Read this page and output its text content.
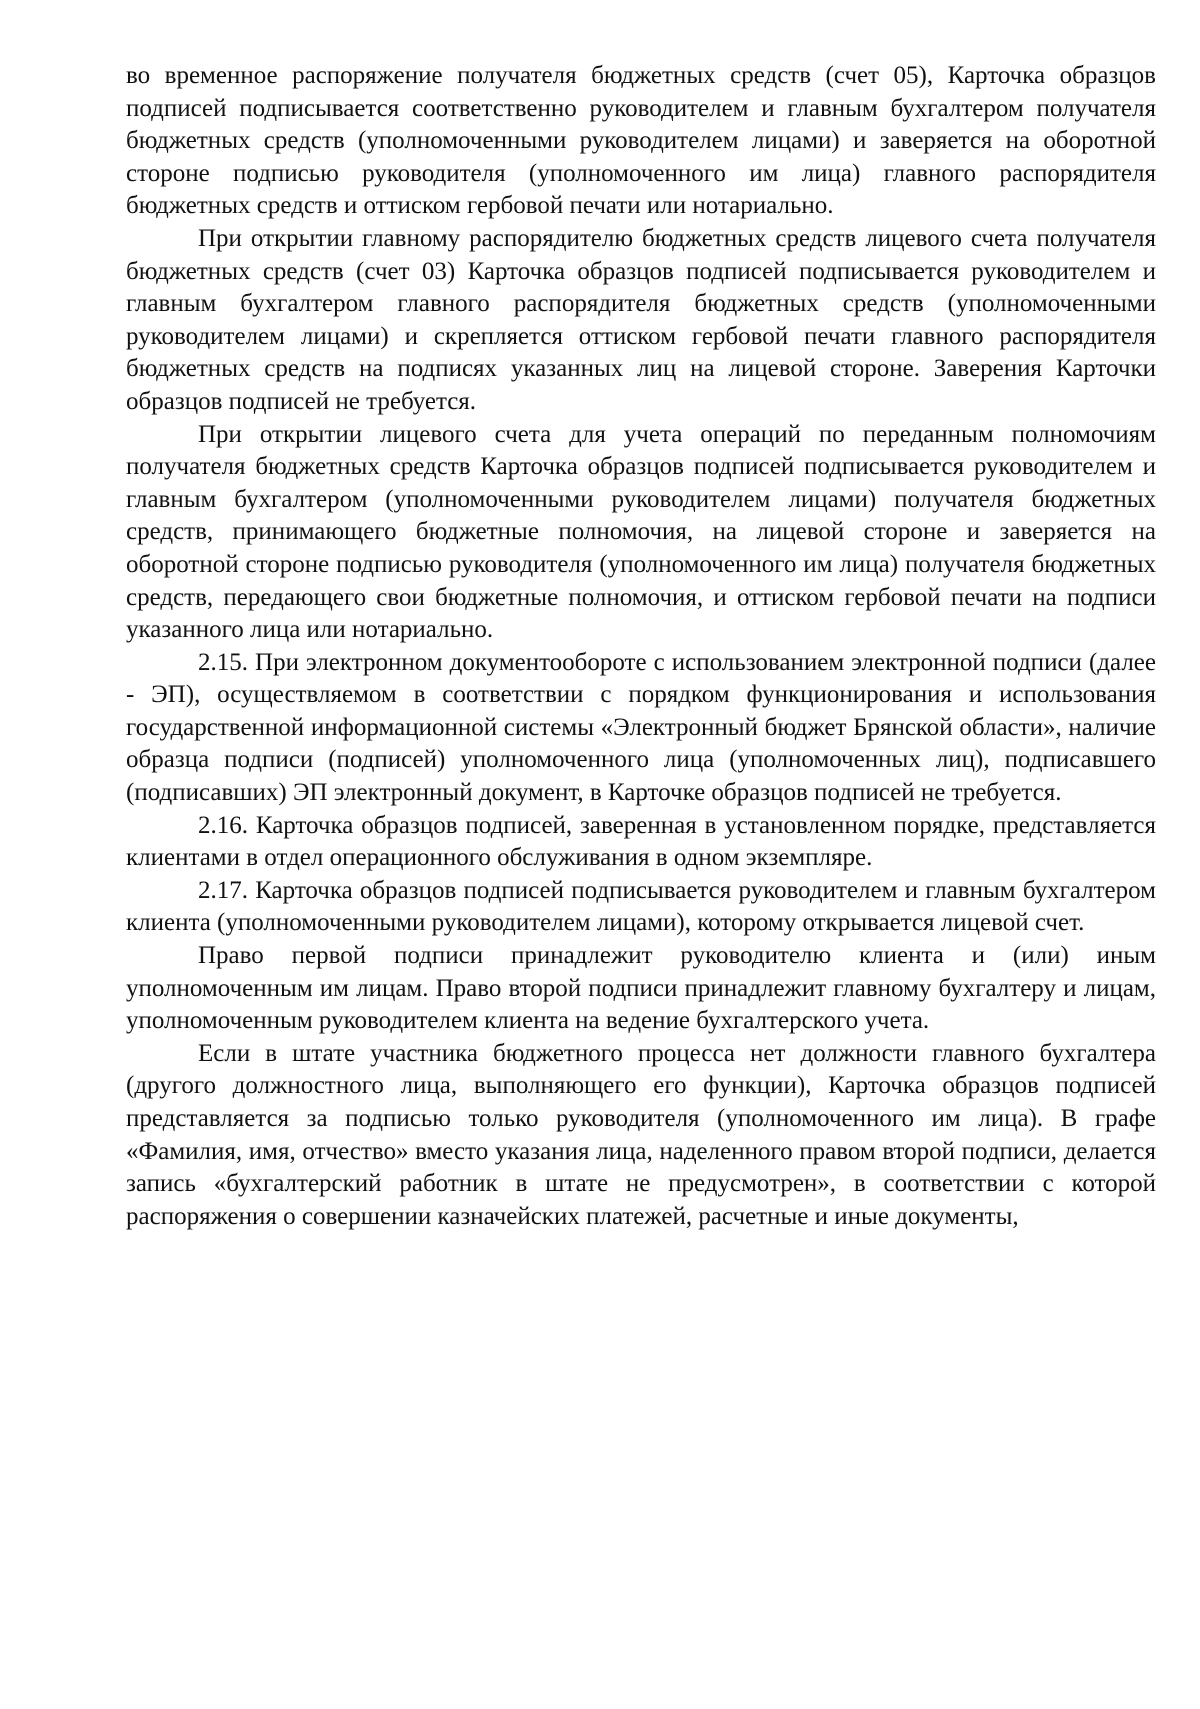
во временное распоряжение получателя бюджетных средств (счет 05), Карточка образцов подписей подписывается соответственно руководителем и главным бухгалтером получателя бюджетных средств (уполномоченными руководителем лицами) и заверяется на оборотной стороне подписью руководителя (уполномоченного им лица) главного распорядителя бюджетных средств и оттиском гербовой печати или нотариально.

При открытии главному распорядителю бюджетных средств лицевого счета получателя бюджетных средств (счет 03) Карточка образцов подписей подписывается руководителем и главным бухгалтером главного распорядителя бюджетных средств (уполномоченными руководителем лицами) и скрепляется оттиском гербовой печати главного распорядителя бюджетных средств на подписях указанных лиц на лицевой стороне. Заверения Карточки образцов подписей не требуется.

При открытии лицевого счета для учета операций по переданным полномочиям получателя бюджетных средств Карточка образцов подписей подписывается руководителем и главным бухгалтером (уполномоченными руководителем лицами) получателя бюджетных средств, принимающего бюджетные полномочия, на лицевой стороне и заверяется на оборотной стороне подписью руководителя (уполномоченного им лица) получателя бюджетных средств, передающего свои бюджетные полномочия, и оттиском гербовой печати на подписи указанного лица или нотариально.

2.15. При электронном документообороте с использованием электронной подписи (далее - ЭП), осуществляемом в соответствии с порядком функционирования и использования государственной информационной системы «Электронный бюджет Брянской области», наличие образца подписи (подписей) уполномоченного лица (уполномоченных лиц), подписавшего (подписавших) ЭП электронный документ, в Карточке образцов подписей не требуется.

2.16. Карточка образцов подписей, заверенная в установленном порядке, представляется клиентами в отдел операционного обслуживания в одном экземпляре.

2.17. Карточка образцов подписей подписывается руководителем и главным бухгалтером клиента (уполномоченными руководителем лицами), которому открывается лицевой счет.

Право первой подписи принадлежит руководителю клиента и (или) иным уполномоченным им лицам. Право второй подписи принадлежит главному бухгалтеру и лицам, уполномоченным руководителем клиента на ведение бухгалтерского учета.

Если в штате участника бюджетного процесса нет должности главного бухгалтера (другого должностного лица, выполняющего его функции), Карточка образцов подписей представляется за подписью только руководителя (уполномоченного им лица). В графе «Фамилия, имя, отчество» вместо указания лица, наделенного правом второй подписи, делается запись «бухгалтерский работник в штате не предусмотрен», в соответствии с которой распоряжения о совершении казначейских платежей, расчетные и иные документы,
